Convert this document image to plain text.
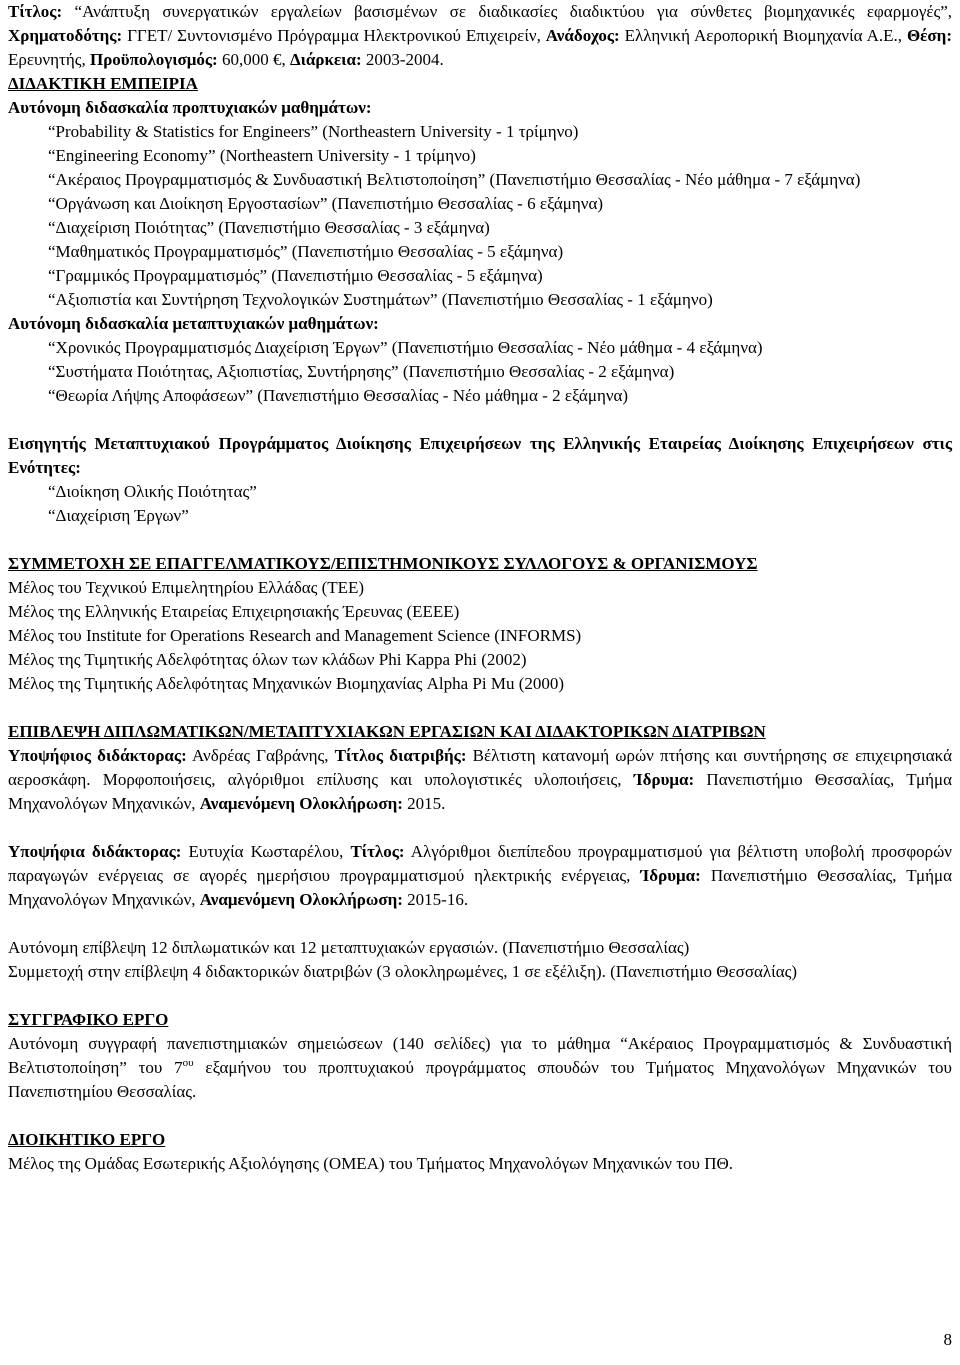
Τίτλος: “Ανάπτυξη συνεργατικών εργαλείων βασισμένων σε διαδικασίες διαδικτύου για σύνθετες βιομηχανικές εφαρμογές”, Χρηματοδότης: ΓΓΕΤ/ Συντονισμένο Πρόγραμμα Ηλεκτρονικού Επιχειρείν, Ανάδοχος: Ελληνική Αεροπορική Βιομηχανία Α.Ε., Θέση: Ερευνητής, Προϋπολογισμός: 60,000 €, Διάρκεια: 2003-2004.

ΔΙΔΑΚΤΙΚΗ ΕΜΠΕΙΡΙΑ

Αυτόνομη διδασκαλία προπτυχιακών μαθημάτων:

“Probability & Statistics for Engineers” (Northeastern University - 1 τρίμηνο)

“Engineering Economy” (Northeastern University - 1 τρίμηνο)

“Ακέραιος Προγραμματισμός & Συνδυαστική Βελτιστοποίηση” (Πανεπιστήμιο Θεσσαλίας - Νέο μάθημα - 7 εξάμηνα)

“Οργάνωση και Διοίκηση Εργοστασίων” (Πανεπιστήμιο Θεσσαλίας - 6 εξάμηνα)

“Διαχείριση Ποιότητας” (Πανεπιστήμιο Θεσσαλίας - 3 εξάμηνα)

“Μαθηματικός Προγραμματισμός” (Πανεπιστήμιο Θεσσαλίας - 5 εξάμηνα)

“Γραμμικός Προγραμματισμός” (Πανεπιστήμιο Θεσσαλίας - 5 εξάμηνα)

“Αξιοπιστία και Συντήρηση Τεχνολογικών Συστημάτων” (Πανεπιστήμιο Θεσσαλίας - 1 εξάμηνο)

Αυτόνομη διδασκαλία μεταπτυχιακών μαθημάτων:

“Χρονικός Προγραμματισμός Διαχείριση Έργων” (Πανεπιστήμιο Θεσσαλίας - Νέο μάθημα - 4 εξάμηνα)

“Συστήματα Ποιότητας, Αξιοπιστίας, Συντήρησης” (Πανεπιστήμιο Θεσσαλίας - 2 εξάμηνα)

“Θεωρία Λήψης Αποφάσεων” (Πανεπιστήμιο Θεσσαλίας - Νέο μάθημα - 2 εξάμηνα)

Εισηγητής Μεταπτυχιακού Προγράμματος Διοίκησης Επιχειρήσεων της Ελληνικής Εταιρείας Διοίκησης Επιχειρήσεων στις Ενότητες:

“Διοίκηση Ολικής Ποιότητας”

“Διαχείριση Έργων”

ΣΥΜΜΕΤΟΧΗ ΣΕ ΕΠΑΓΓΕΛΜΑΤΙΚΟΥΣ/ΕΠΙΣΤΗΜΟΝΙΚΟΥΣ ΣΥΛΛΟΓΟΥΣ & ΟΡΓΑΝΙΣΜΟΥΣ

Μέλος του Τεχνικού Επιμελητηρίου Ελλάδας (ΤΕΕ)

Μέλος της Ελληνικής Εταιρείας Επιχειρησιακής Έρευνας (ΕΕΕΕ)

Μέλος του Institute for Operations Research and Management Science (INFORMS)

Μέλος της Τιμητικής Αδελφότητας όλων των κλάδων Phi Kappa Phi (2002)

Μέλος της Τιμητικής Αδελφότητας Μηχανικών Βιομηχανίας Alpha Pi Mu (2000)

ΕΠΙΒΛΕΨΗ ΔΙΠΛΩΜΑΤΙΚΩΝ/ΜΕΤΑΠΤΥΧΙΑΚΩΝ ΕΡΓΑΣΙΩΝ ΚΑΙ ΔΙΔΑΚΤΟΡΙΚΩΝ ΔΙΑΤΡΙΒΩΝ

Υποψήφιος διδάκτορας: Ανδρέας Γαβράνης, Τίτλος διατριβής: Βέλτιστη κατανομή ωρών πτήσης και συντήρησης σε επιχειρησιακά αεροσκάφη. Μορφοποιήσεις, αλγόριθμοι επίλυσης και υπολογιστικές υλοποιήσεις, Ίδρυμα: Πανεπιστήμιο Θεσσαλίας, Τμήμα Μηχανολόγων Μηχανικών, Αναμενόμενη Ολοκλήρωση: 2015.

Υποψήφια διδάκτορας: Ευτυχία Κωσταρέλου, Τίτλος: Αλγόριθμοι διεπίπεδου προγραμματισμού για βέλτιστη υποβολή προσφορών παραγωγών ενέργειας σε αγορές ημερήσιου προγραμματισμού ηλεκτρικής ενέργειας, Ίδρυμα: Πανεπιστήμιο Θεσσαλίας, Τμήμα Μηχανολόγων Μηχανικών, Αναμενόμενη Ολοκλήρωση: 2015-16.

Αυτόνομη επίβλεψη 12 διπλωματικών και 12 μεταπτυχιακών εργασιών. (Πανεπιστήμιο Θεσσαλίας)

Συμμετοχή στην επίβλεψη 4 διδακτορικών διατριβών (3 ολοκληρωμένες, 1 σε εξέλιξη). (Πανεπιστήμιο Θεσσαλίας)

ΣΥΓΓΡΑΦΙΚΟ ΕΡΓΟ

Αυτόνομη συγγραφή πανεπιστημιακών σημειώσεων (140 σελίδες) για το μάθημα “Ακέραιος Προγραμματισμός & Συνδυαστική Βελτιστοποίηση” του $7^{o\upsilon}$ εξαμήνου του προπτυχιακού προγράμματος σπουδών του Τμήματος Μηχανολόγων Μηχανικών του Πανεπιστημίου Θεσσαλίας.

ΔΙΟΙΚΗΤΙΚΟ ΕΡΓΟ

Μέλος της Ομάδας Εσωτερικής Αξιολόγησης (ΟΜΕΑ) του Τμήματος Μηχανολόγων Μηχανικών του ΠΘ.

8
